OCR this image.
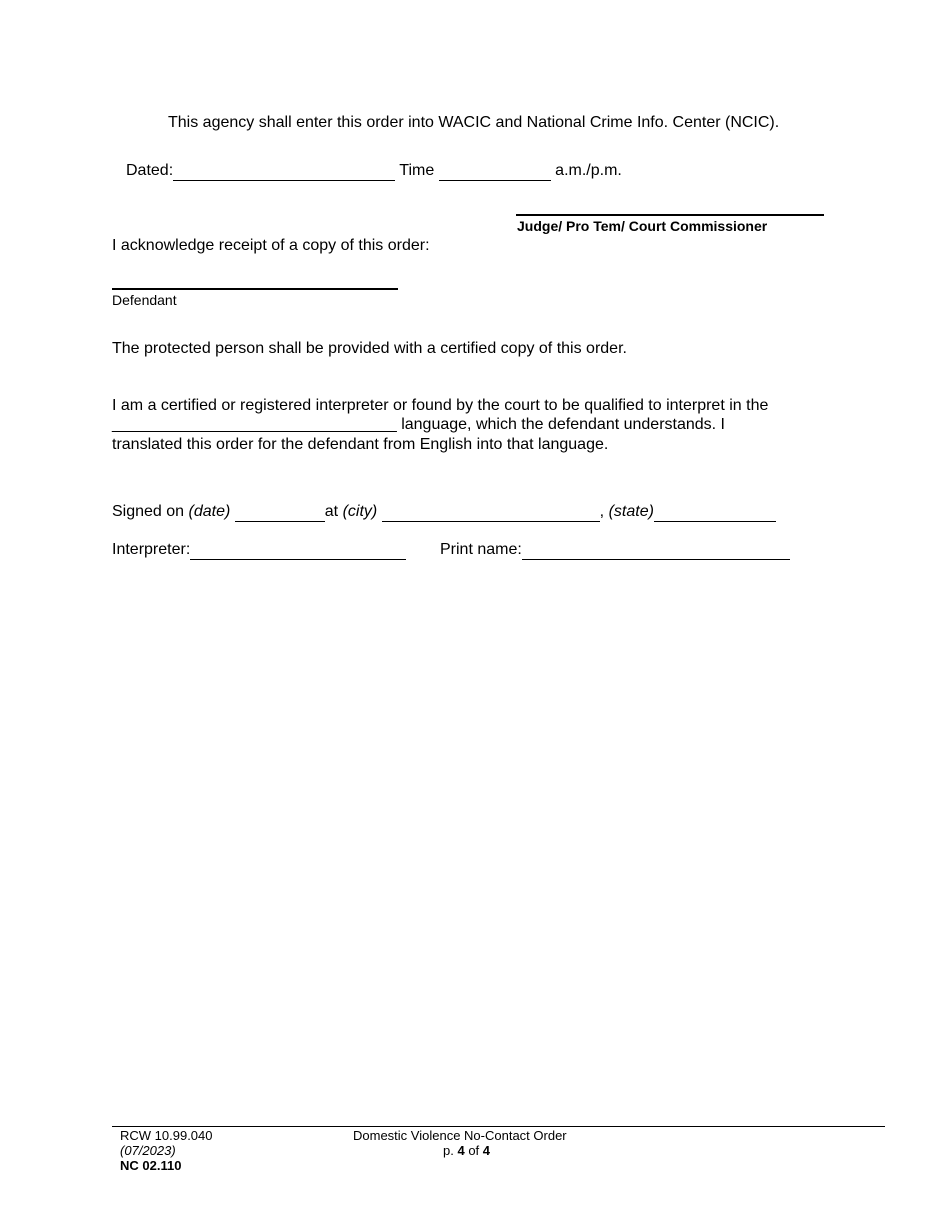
This agency shall enter this order into WACIC and National Crime Info. Center (NCIC).
Dated:	Time	a.m./p.m.
Judge/ Pro Tem/ Court Commissioner
I acknowledge receipt of a copy of this order:
Defendant
The protected person shall be provided with a certified copy of this order.
I am a certified or registered interpreter or found by the court to be qualified to interpret in the
________________________________ language, which the defendant understands. I
translated this order for the defendant from English into that language.
Signed on (date)	at (city)	, (state)
Interpreter:	Print name:
RCW 10.99.040
(07/2023)
NC 02.110
Domestic Violence No-Contact Order
p. 4 of 4
